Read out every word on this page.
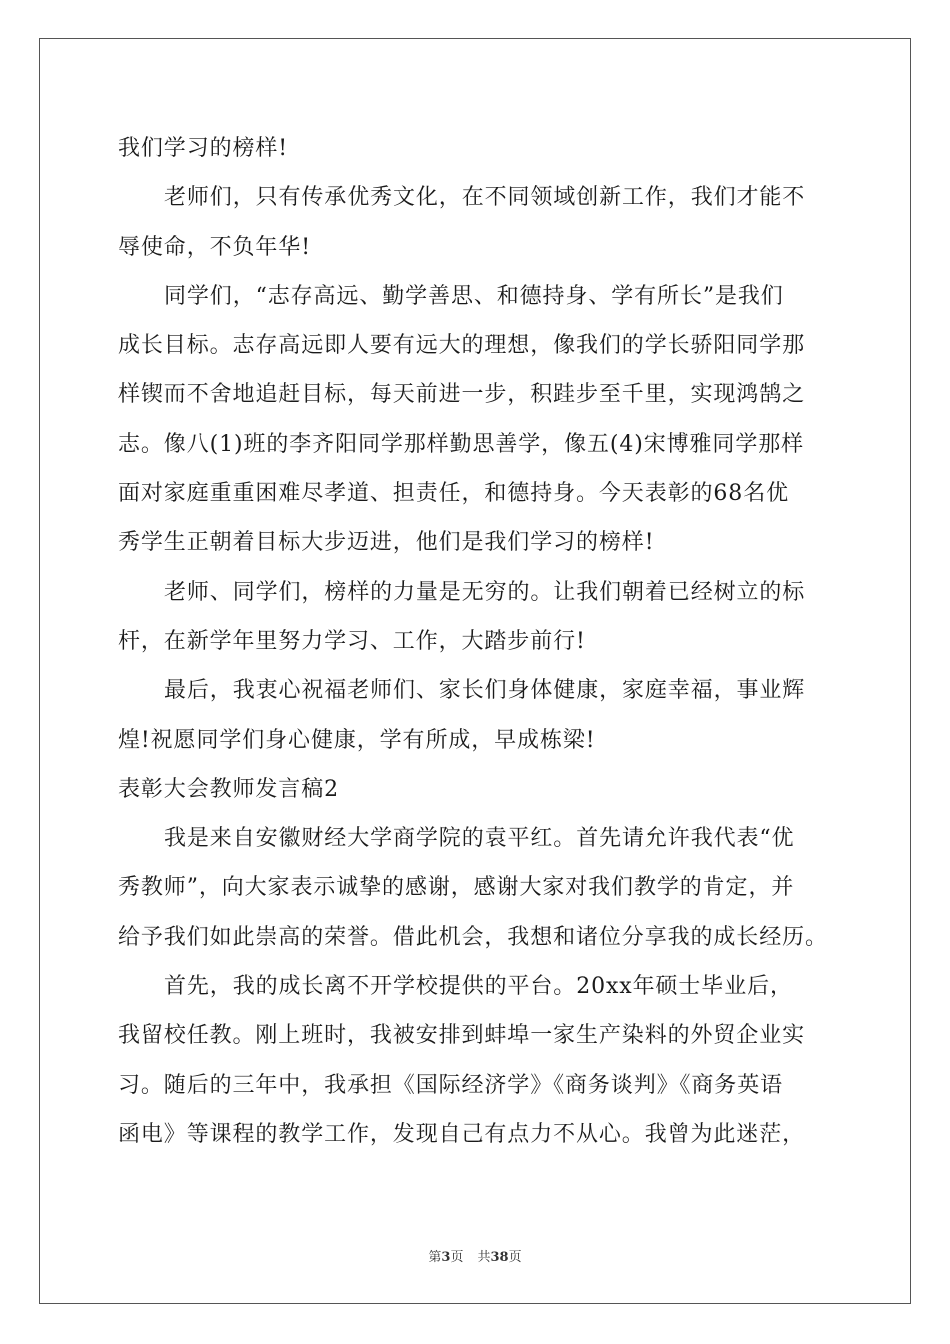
我们学习的榜样!
老师们，只有传承优秀文化，在不同领域创新工作，我们才能不
辱使命，不负年华!
同学们，“志存高远、勤学善思、和德持身、学有所长”是我们
成长目标。志存高远即人要有远大的理想，像我们的学长骄阳同学那
样锲而不舍地追赶目标，每天前进一步，积跬步至千里，实现鸿鹄之
志。像八(1)班的李齐阳同学那样勤思善学，像五(4)宋博雅同学那样
面对家庭重重困难尽孝道、担责任，和德持身。今天表彰的68名优
秀学生正朝着目标大步迈进，他们是我们学习的榜样!
老师、同学们，榜样的力量是无穷的。让我们朝着已经树立的标
杆，在新学年里努力学习、工作，大踏步前行!
最后，我衷心祝福老师们、家长们身体健康，家庭幸福，事业辉
煌!祝愿同学们身心健康，学有所成，早成栋梁!
表彰大会教师发言稿2
我是来自安徽财经大学商学院的袁平红。首先请允许我代表“优
秀教师”，向大家表示诚挚的感谢，感谢大家对我们教学的肯定，并
给予我们如此崇高的荣誉。借此机会，我想和诸位分享我的成长经历。
首先，我的成长离不开学校提供的平台。20xx年硕士毕业后，
我留校任教。刚上班时，我被安排到蚌埠一家生产染料的外贸企业实
习。随后的三年中，我承担《国际经济学》《商务谈判》《商务英语
函电》等课程的教学工作，发现自己有点力不从心。我曾为此迷茫，
第3页 共38页
